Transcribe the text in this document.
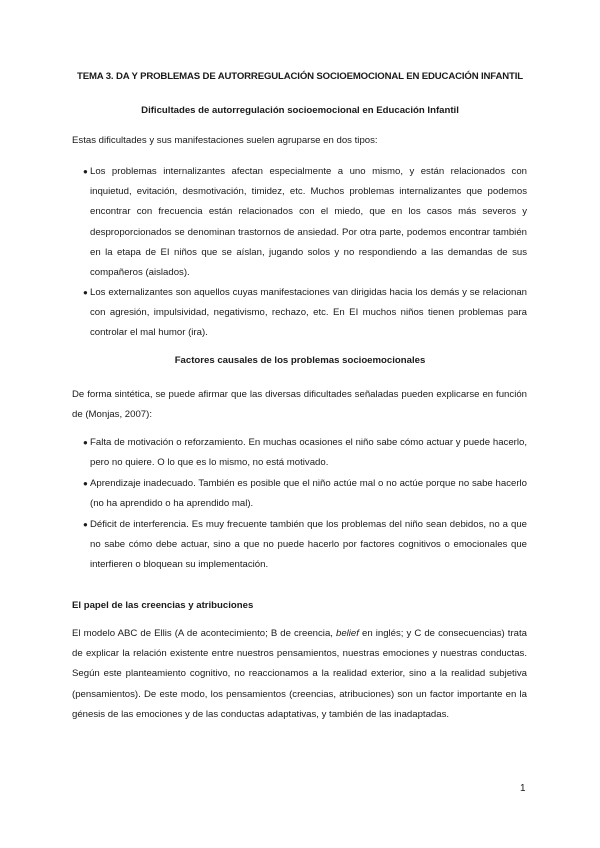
TEMA 3. DA Y PROBLEMAS DE AUTORREGULACIÓN SOCIOEMOCIONAL EN EDUCACIÓN INFANTIL
Dificultades de autorregulación socioemocional en Educación Infantil

Estas dificultades y sus manifestaciones suelen agruparse en dos tipos:

● Los problemas internalizantes afectan especialmente a uno mismo, y están relacionados con inquietud, evitación, desmotivación, timidez, etc. Muchos problemas internalizantes que podemos encontrar con frecuencia están relacionados con el miedo, que en los casos más severos y desproporcionados se denominan trastornos de ansiedad. Por otra parte, podemos encontrar también en la etapa de EI niños que se aíslan, jugando solos y no respondiendo a las demandas de sus compañeros (aislados).

● Los externalizantes son aquellos cuyas manifestaciones van dirigidas hacia los demás y se relacionan con agresión, impulsividad, negativismo, rechazo, etc. En EI muchos niños tienen problemas para controlar el mal humor (ira).

Factores causales de los problemas socioemocionales

De forma sintética, se puede afirmar que las diversas dificultades señaladas pueden explicarse en función de (Monjas, 2007):

● Falta de motivación o reforzamiento. En muchas ocasiones el niño sabe cómo actuar y puede hacerlo, pero no quiere. O lo que es lo mismo, no está motivado.

● Aprendizaje inadecuado. También es posible que el niño actúe mal o no actúe porque no sabe hacerlo (no ha aprendido o ha aprendido mal).

● Déficit de interferencia. Es muy frecuente también que los problemas del niño sean debidos, no a que no sabe cómo debe actuar, sino a que no puede hacerlo por factores cognitivos o emocionales que interfieren o bloquean su implementación.

El papel de las creencias y atribuciones

El modelo ABC de Ellis (A de acontecimiento; B de creencia, belief en inglés; y C de consecuencias) trata de explicar la relación existente entre nuestros pensamientos, nuestras emociones y nuestras conductas. Según este planteamiento cognitivo, no reaccionamos a la realidad exterior, sino a la realidad subjetiva (pensamientos). De este modo, los pensamientos (creencias, atribuciones) son un factor importante en la génesis de las emociones y de las conductas adaptativas, y también de las inadaptadas.

1
